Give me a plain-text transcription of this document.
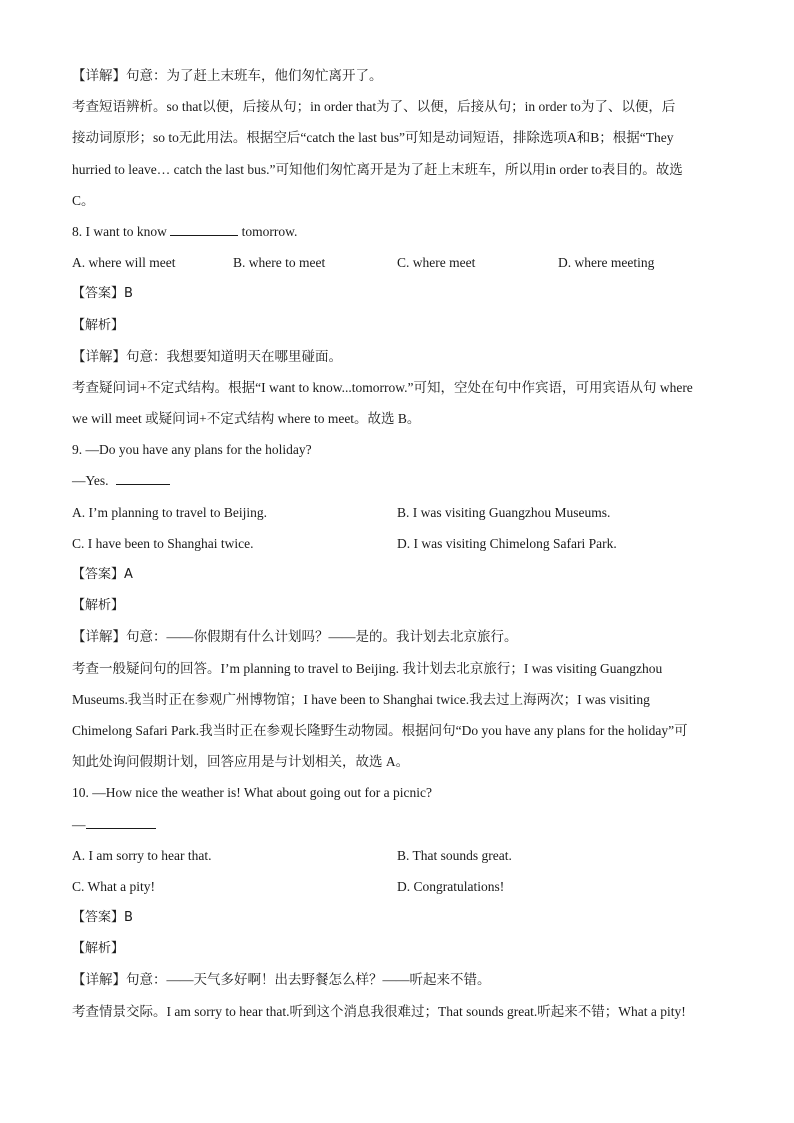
【详解】句意：为了赶上末班车，他们匆忙离开了。
考查短语辨析。so that以便，后接从句；in order that为了、以便，后接从句；in order to为了、以便，后
接动词原形；so to无此用法。根据空后“catch the last bus”可知是动词短语，排除选项A和B；根据“They
hurried to leave… catch the last bus.”可知他们匆忙离开是为了赶上末班车，所以用in order to表目的。故选
C。
8. I want to know	tomorrow.
A. where will meet	B. where to meet	C. where meet	D. where meeting
【答案】B
【解析】
【详解】句意：我想要知道明天在哪里碰面。
考查疑问词+不定式结构。根据“I want to know...tomorrow.”可知，空处在句中作宾语，可用宾语从句 where
we will meet 或疑问词+不定式结构 where to meet。故选 B。
9. —Do you have any plans for the holiday?
—Yes.
A. I’m planning to travel to Beijing.	B. I was visiting Guangzhou Museums.
C. I have been to Shanghai twice.	D. I was visiting Chimelong Safari Park.
【答案】A
【解析】
【详解】句意：——你假期有什么计划吗？——是的。我计划去北京旅行。
考查一般疑问句的回答。I’m planning to travel to Beijing. 我计划去北京旅行；I was visiting Guangzhou
Museums.我当时正在参观广州博物馆；I have been to Shanghai twice.我去过上海两次；I was visiting
Chimelong Safari Park.我当时正在参观长隆野生动物园。根据问句“Do you have any plans for the holiday”可
知此处询问假期计划，回答应用是与计划相关，故选 A。
10. —How nice the weather is! What about going out for a picnic?
—
A. I am sorry to hear that.	B. That sounds great.
C. What a pity!	D. Congratulations!
【答案】B
【解析】
【详解】句意：——天气多好啊！出去野餐怎么样？——听起来不错。
考查情景交际。I am sorry to hear that.听到这个消息我很难过；That sounds great.听起来不错；What a pity!
